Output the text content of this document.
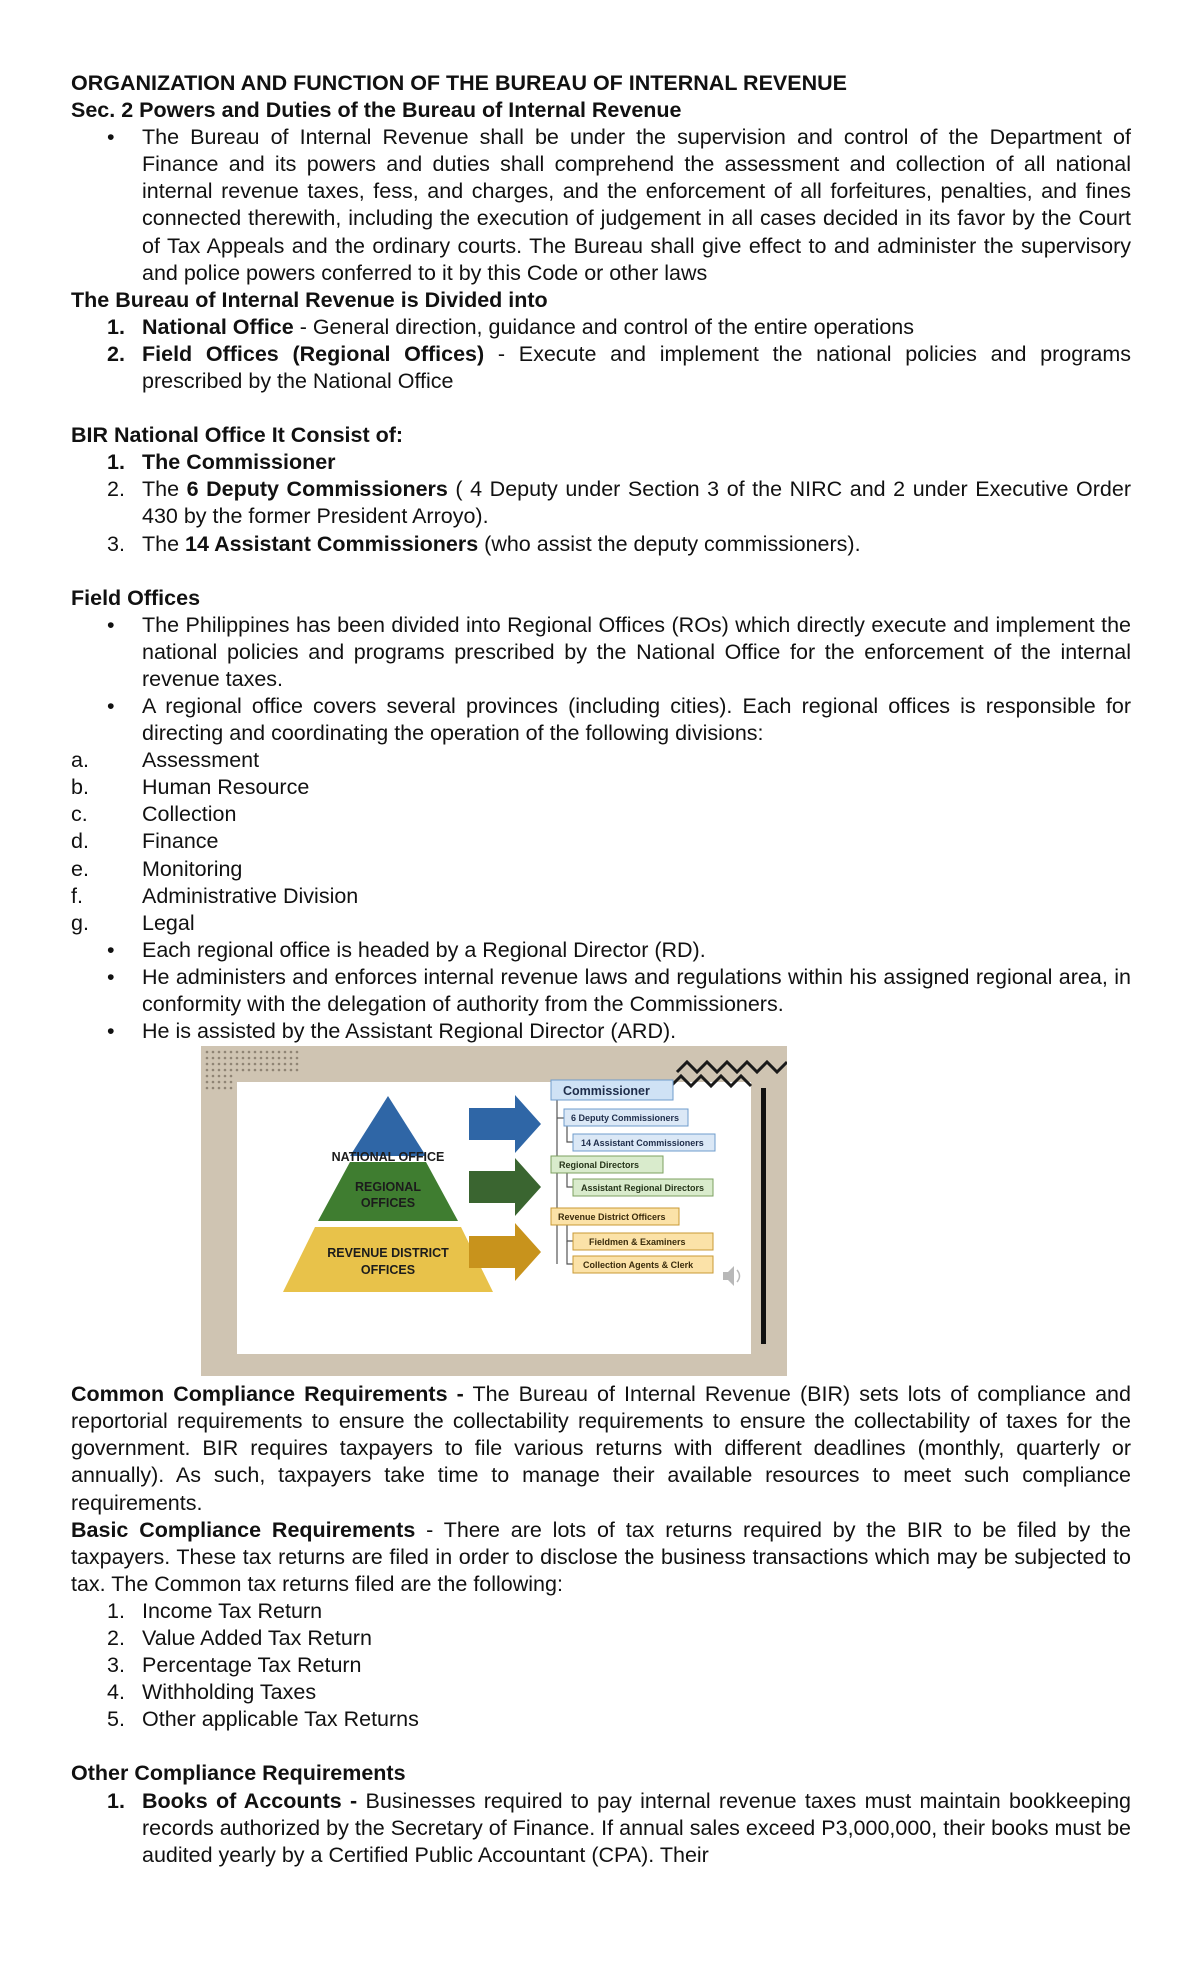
ORGANIZATION AND FUNCTION OF THE BUREAU OF INTERNAL REVENUE
Sec. 2 Powers and Duties of the Bureau of Internal Revenue
• The Bureau of Internal Revenue shall be under the supervision and control of the Department of Finance and its powers and duties shall comprehend the assessment and collection of all national internal revenue taxes, fess, and charges, and the enforcement of all forfeitures, penalties, and fines connected therewith, including the execution of judgement in all cases decided in its favor by the Court of Tax Appeals and the ordinary courts. The Bureau shall give effect to and administer the supervisory and police powers conferred to it by this Code or other laws
The Bureau of Internal Revenue is Divided into
1. National Office - General direction, guidance and control of the entire operations
2. Field Offices (Regional Offices) - Execute and implement the national policies and programs prescribed by the National Office
BIR National Office It Consist of:
1. The Commissioner
2. The 6 Deputy Commissioners ( 4 Deputy under Section 3 of the NIRC and 2 under Executive Order 430 by the former President Arroyo).
3. The 14 Assistant Commissioners (who assist the deputy commissioners).
Field Offices
• The Philippines has been divided into Regional Offices (ROs) which directly execute and implement the national policies and programs prescribed by the National Office for the enforcement of the internal revenue taxes.
• A regional office covers several provinces (including cities). Each regional offices is responsible for directing and coordinating the operation of the following divisions:
a. Assessment
b. Human Resource
c.	Collection
d. Finance
e. Monitoring
f.	Administrative Division
g. Legal
• Each regional office is headed by a Regional Director (RD).
• He administers and enforces internal revenue laws and regulations within his assigned regional area, in conformity with the delegation of authority from the Commissioners.
• He is assisted by the Assistant Regional Director (ARD).
NATIONAL OFFICE
REGIONAL
OFFICES
REVENUE DISTRICT
OFFICES
Commissioner
6 Deputy Commissioners
14 Assistant Commissioners
Regional Directors
Assistant Regional Directors
Revenue District Officers
Fieldmen & Examiners
Collection Agents & Clerk
Common Compliance Requirements - The Bureau of Internal Revenue (BIR) sets lots of compliance and reportorial requirements to ensure the collectability requirements to ensure the collectability of taxes for the government. BIR requires taxpayers to file various returns with different deadlines (monthly, quarterly or annually). As such, taxpayers take time to manage their available resources to meet such compliance requirements.
Basic Compliance Requirements - There are lots of tax returns required by the BIR to be filed by the taxpayers. These tax returns are filed in order to disclose the business transactions which may be subjected to tax. The Common tax returns filed are the following:
1. Income Tax Return
2. Value Added Tax Return
3. Percentage Tax Return
4. Withholding Taxes
5. Other applicable Tax Returns
Other Compliance Requirements
1. Books of Accounts - Businesses required to pay internal revenue taxes must maintain bookkeeping records authorized by the Secretary of Finance. If annual sales exceed P3,000,000, their books must be audited yearly by a Certified Public Accountant (CPA). Their
